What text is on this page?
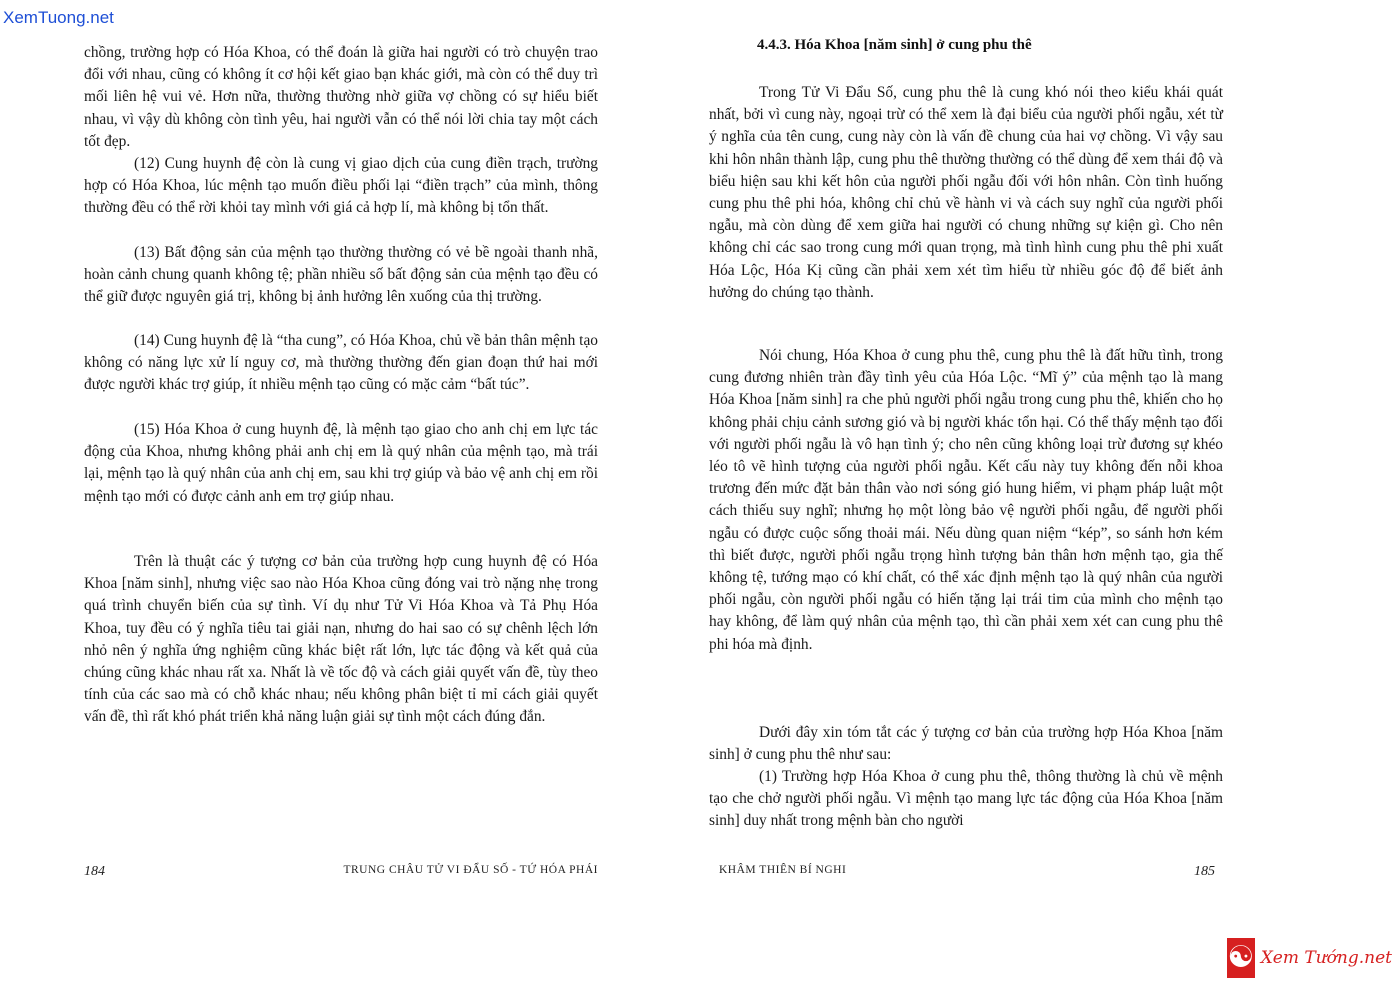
XemTuong.net

chồng, trường hợp có Hóa Khoa, có thể đoán là giữa hai người có trò chuyện trao đổi với nhau, cũng có không ít cơ hội kết giao bạn khác giới, mà còn có thể duy trì mối liên hệ vui vẻ. Hơn nữa, thường thường nhờ giữa vợ chồng có sự hiểu biết nhau, vì vậy dù không còn tình yêu, hai người vẫn có thể nói lời chia tay một cách tốt đẹp.

(12) Cung huynh đệ còn là cung vị giao dịch của cung điền trạch, trường hợp có Hóa Khoa, lúc mệnh tạo muốn điều phối lại “điền trạch” của mình, thông thường đều có thể rời khỏi tay mình với giá cả hợp lí, mà không bị tổn thất.

(13) Bất động sản của mệnh tạo thường thường có vẻ bề ngoài thanh nhã, hoàn cảnh chung quanh không tệ; phần nhiều số bất động sản của mệnh tạo đều có thể giữ được nguyên giá trị, không bị ảnh hưởng lên xuống của thị trường.

(14) Cung huynh đệ là “tha cung”, có Hóa Khoa, chủ về bản thân mệnh tạo không có năng lực xử lí nguy cơ, mà thường thường đến gian đoạn thứ hai mới được người khác trợ giúp, ít nhiều mệnh tạo cũng có mặc cảm “bất túc”.

(15) Hóa Khoa ở cung huynh đệ, là mệnh tạo giao cho anh chị em lực tác động của Khoa, nhưng không phải anh chị em là quý nhân của mệnh tạo, mà trái lại, mệnh tạo là quý nhân của anh chị em, sau khi trợ giúp và bảo vệ anh chị em rồi mệnh tạo mới có được cảnh anh em trợ giúp nhau.

Trên là thuật các ý tượng cơ bản của trường hợp cung huynh đệ có Hóa Khoa [năm sinh], nhưng việc sao nào Hóa Khoa cũng đóng vai trò nặng nhẹ trong quá trình chuyển biến của sự tình. Ví dụ như Tử Vi Hóa Khoa và Tả Phụ Hóa Khoa, tuy đều có ý nghĩa tiêu tai giải nạn, nhưng do hai sao có sự chênh lệch lớn nhỏ nên ý nghĩa ứng nghiệm cũng khác biệt rất lớn, lực tác động và kết quả của chúng cũng khác nhau rất xa. Nhất là về tốc độ và cách giải quyết vấn đề, tùy theo tính của các sao mà có chỗ khác nhau; nếu không phân biệt tỉ mỉ cách giải quyết vấn đề, thì rất khó phát triển khả năng luận giải sự tình một cách đúng đắn.

184	TRUNG CHÂU TỬ VI ĐẨU SỐ - TỨ HÓA PHÁI
4.4.3. Hóa Khoa [năm sinh] ở cung phu thê

Trong Tử Vi Đẩu Số, cung phu thê là cung khó nói theo kiểu khái quát nhất, bởi vì cung này, ngoại trừ có thể xem là đại biểu của người phối ngẫu, xét từ ý nghĩa của tên cung, cung này còn là vấn đề chung của hai vợ chồng. Vì vậy sau khi hôn nhân thành lập, cung phu thê thường thường có thể dùng để xem thái độ và biểu hiện sau khi kết hôn của người phối ngẫu đối với hôn nhân. Còn tình huống cung phu thê phi hóa, không chỉ chủ về hành vi và cách suy nghĩ của người phối ngẫu, mà còn dùng để xem giữa hai người có chung những sự kiện gì. Cho nên không chỉ các sao trong cung mới quan trọng, mà tình hình cung phu thê phi xuất Hóa Lộc, Hóa Kị cũng cần phải xem xét tìm hiểu từ nhiều góc độ để biết ảnh hưởng do chúng tạo thành.

Nói chung, Hóa Khoa ở cung phu thê, cung phu thê là đất hữu tình, trong cung đương nhiên tràn đầy tình yêu của Hóa Lộc. “Mĩ ý” của mệnh tạo là mang Hóa Khoa [năm sinh] ra che phủ người phối ngẫu trong cung phu thê, khiến cho họ không phải chịu cảnh sương gió và bị người khác tổn hại. Có thể thấy mệnh tạo đối với người phối ngẫu là vô hạn tình ý; cho nên cũng không loại trừ đương sự khéo léo tô vẽ hình tượng của người phối ngẫu. Kết cấu này tuy không đến nỗi khoa trương đến mức đặt bản thân vào nơi sóng gió hung hiểm, vi phạm pháp luật một cách thiếu suy nghĩ; nhưng họ một lòng bảo vệ người phối ngẫu, để người phối ngẫu có được cuộc sống thoải mái. Nếu dùng quan niệm “kép”, so sánh hơn kém thì biết được, người phối ngẫu trọng hình tượng bản thân hơn mệnh tạo, gia thế không tệ, tướng mạo có khí chất, có thể xác định mệnh tạo là quý nhân của người phối ngẫu, còn người phối ngẫu có hiến tặng lại trái tim của mình cho mệnh tạo hay không, để làm quý nhân của mệnh tạo, thì cần phải xem xét can cung phu thê phi hóa mà định.

Dưới đây xin tóm tắt các ý tượng cơ bản của trường hợp Hóa Khoa [năm sinh] ở cung phu thê như sau:

(1) Trường hợp Hóa Khoa ở cung phu thê, thông thường là chủ về mệnh tạo che chở người phối ngẫu. Vì mệnh tạo mang lực tác động của Hóa Khoa [năm sinh] duy nhất trong mệnh bàn cho người

KHÂM THIÊN BÍ NGHI	185
☯ Xem Tướng.net
